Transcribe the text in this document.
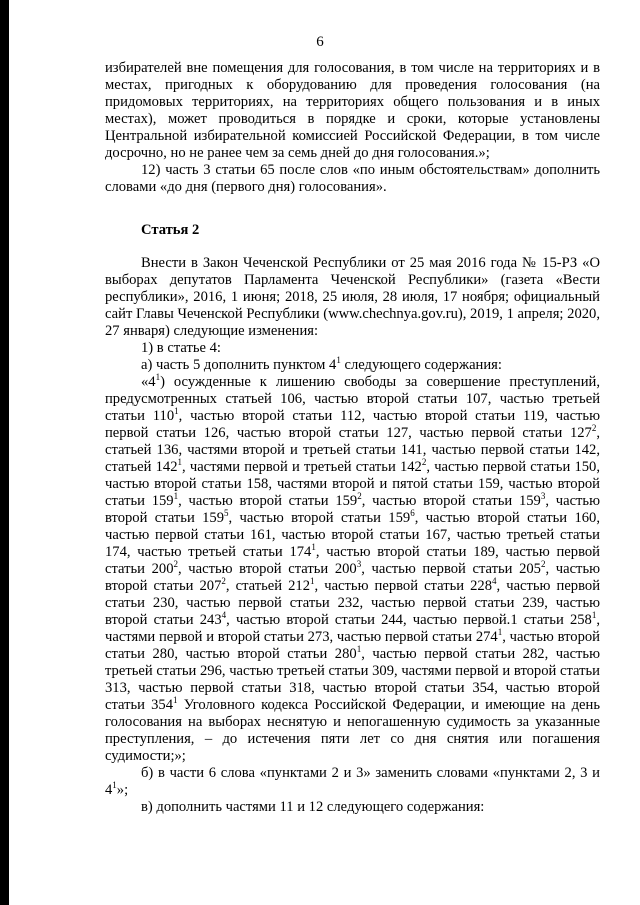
6

избирателей вне помещения для голосования, в том числе на территориях и в местах, пригодных к оборудованию для проведения голосования (на придомовых территориях, на территориях общего пользования и в иных местах), может проводиться в порядке и сроки, которые установлены Центральной избирательной комиссией Российской Федерации, в том числе досрочно, но не ранее чем за семь дней до дня голосования.»;

12) часть 3 статьи 65 после слов «по иным обстоятельствам» дополнить словами «до дня (первого дня) голосования».

Статья 2

Внести в Закон Чеченской Республики от 25 мая 2016 года № 15-РЗ «О выборах депутатов Парламента Чеченской Республики» (газета «Вести республики», 2016, 1 июня; 2018, 25 июля, 28 июля, 17 ноября; официальный сайт Главы Чеченской Республики (www.chechnya.gov.ru), 2019, 1 апреля; 2020, 27 января) следующие изменения:

1) в статье 4:

а) часть 5 дополнить пунктом $4^1$ следующего содержания:

«$4^1$) осужденные к лишению свободы за совершение преступлений, предусмотренных статьей 106, частью второй статьи 107, частью третьей статьи $110^1$, частью второй статьи 112, частью второй статьи 119, частью первой статьи 126, частью второй статьи 127, частью первой статьи $127^2$, статьей 136, частями второй и третьей статьи 141, частью первой статьи 142, статьей $142^1$, частями первой и третьей статьи $142^2$, частью первой статьи 150, частью второй статьи 158, частями второй и пятой статьи 159, частью второй статьи $159^1$, частью второй статьи $159^2$, частью второй статьи $159^3$, частью второй статьи $159^5$, частью второй статьи $159^6$, частью второй статьи 160, частью первой статьи 161, частью второй статьи 167, частью третьей статьи 174, частью третьей статьи $174^1$, частью второй статьи 189, частью первой статьи $200^2$, частью второй статьи $200^3$, частью первой статьи $205^2$, частью второй статьи $207^2$, статьей $212^1$, частью первой статьи $228^4$, частью первой статьи 230, частью первой статьи 232, частью первой статьи 239, частью второй статьи $243^4$, частью второй статьи 244, частью первой.1 статьи $258^1$, частями первой и второй статьи 273, частью первой статьи $274^1$, частью второй статьи 280, частью второй статьи $280^1$, частью первой статьи 282, частью третьей статьи 296, частью третьей статьи 309, частями первой и второй статьи 313, частью первой статьи 318, частью второй статьи 354, частью второй статьи $354^1$ Уголовного кодекса Российской Федерации, и имеющие на день голосования на выборах неснятую и непогашенную судимость за указанные преступления, – до истечения пяти лет со дня снятия или погашения судимости;»;

б) в части 6 слова «пунктами 2 и 3» заменить словами «пунктами 2, 3 и $4^1$»;

в) дополнить частями 11 и 12 следующего содержания:
